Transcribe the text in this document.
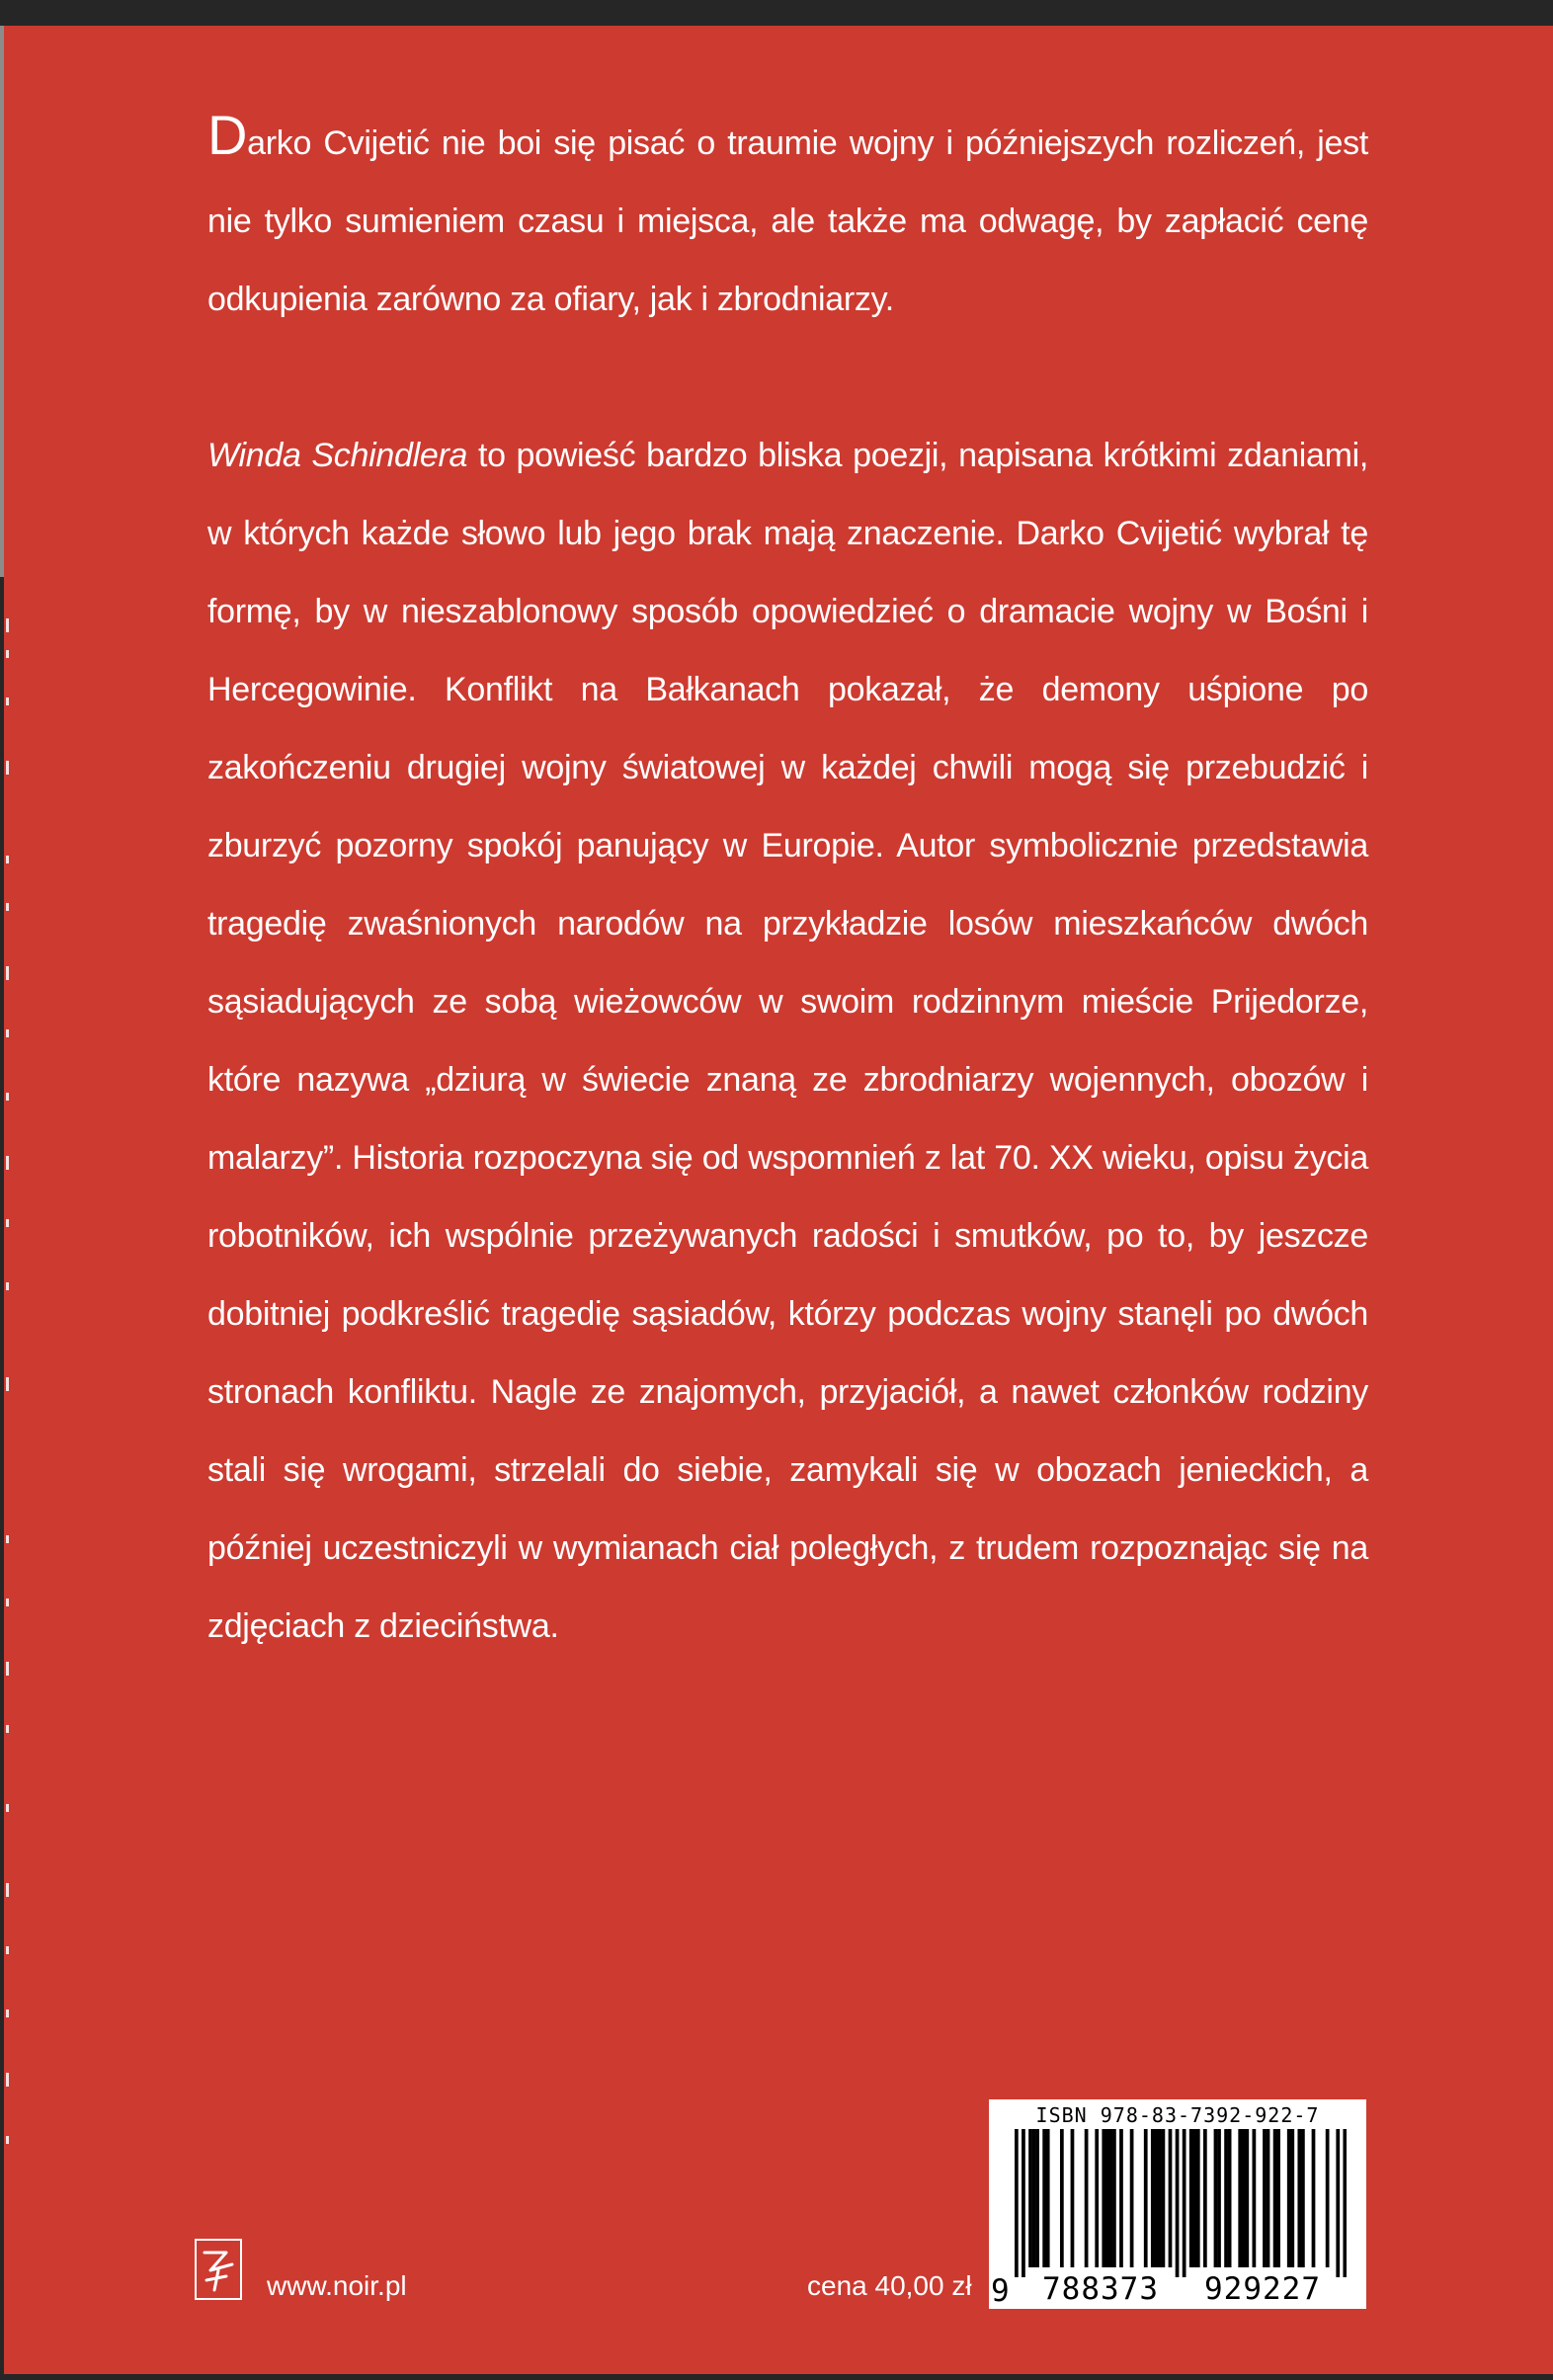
Darko Cvijetić nie boi się pisać o traumie wojny i późniejszych rozliczeń, jest nie tylko sumieniem czasu i miejsca, ale także ma odwagę, by zapłacić cenę odkupienia zarówno za ofiary, jak i zbrodniarzy.

Winda Schindlera to powieść bardzo bliska poezji, napisana krótkimi zdaniami, w których każde słowo lub jego brak mają znaczenie. Darko Cvijetić wybrał tę formę, by w nieszablonowy sposób opowiedzieć o dramacie wojny w Bośni i Hercegowinie. Konflikt na Bałkanach pokazał, że demony uśpione po zakończeniu drugiej wojny światowej w każdej chwili mogą się przebudzić i zburzyć pozorny spokój panujący w Europie. Autor symbolicznie przedstawia tragedię zwaśnionych narodów na przykładzie losów mieszkańców dwóch sąsiadujących ze sobą wieżowców w swoim rodzinnym mieście Prijedorze, które nazywa „dziurą w świecie znaną ze zbrodniarzy wojennych, obozów i malarzy”. Historia rozpoczyna się od wspomnień z lat 70. XX wieku, opisu życia robotników, ich wspólnie przeżywanych radości i smutków, po to, by jeszcze dobitniej podkreślić tragedię sąsiadów, którzy podczas wojny stanęli po dwóch stronach konfliktu. Nagle ze znajomych, przyjaciół, a nawet członków rodziny stali się wrogami, strzelali do siebie, zamykali się w obozach jenieckich, a później uczestniczyli w wymianach ciał poległych, z trudem rozpoznając się na zdjęciach z dzieciństwa.

www.noir.pl	cena 40,00 zł
ISBN 978-83-7392-922-7
9	788373	929227
